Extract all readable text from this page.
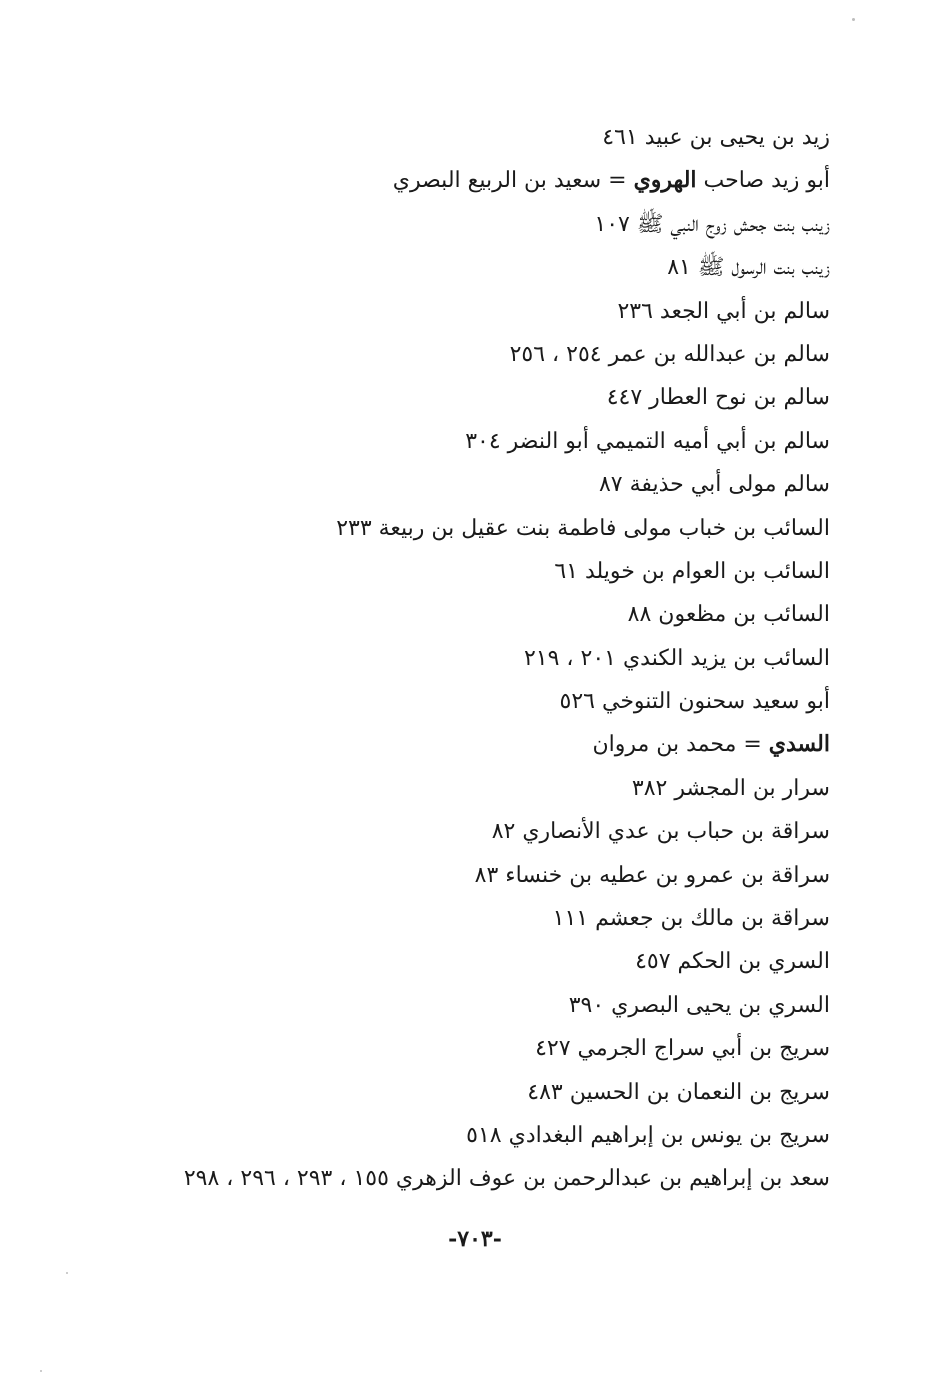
زيد بن يحيى بن عبيد ٤٦١
أبو زيد صاحب الهروي = سعيد بن الربيع البصري
زينب بنت جحش زوج النبي ﷺ ١٠٧
زينب بنت الرسول ﷺ ٨١
سالم بن أبي الجعد ٢٣٦
سالم بن عبدالله بن عمر ٢٥٤ ، ٢٥٦
سالم بن نوح العطار ٤٤٧
سالم بن أبي أميه التميمي أبو النضر ٣٠٤
سالم مولى أبي حذيفة ٨٧
السائب بن خباب مولى فاطمة بنت عقيل بن ربيعة ٢٣٣
السائب بن العوام بن خويلد ٦١
السائب بن مظعون ٨٨
السائب بن يزيد الكندي ٢٠١ ، ٢١٩
أبو سعيد سحنون التنوخي ٥٢٦
السدي = محمد بن مروان
سرار بن المجشر ٣٨٢
سراقة بن حباب بن عدي الأنصاري ٨٢
سراقة بن عمرو بن عطيه بن خنساء ٨٣
سراقة بن مالك بن جعشم ١١١
السري بن الحكم ٤٥٧
السري بن يحيى البصري ٣٩٠
سريج بن أبي سراج الجرمي ٤٢٧
سريج بن النعمان بن الحسين ٤٨٣
سريج بن يونس بن إبراهيم البغدادي ٥١٨
سعد بن إبراهيم بن عبدالرحمن بن عوف الزهري ١٥٥ ، ٢٩٣ ، ٢٩٦ ، ٢٩٨
-٧٠٣-
